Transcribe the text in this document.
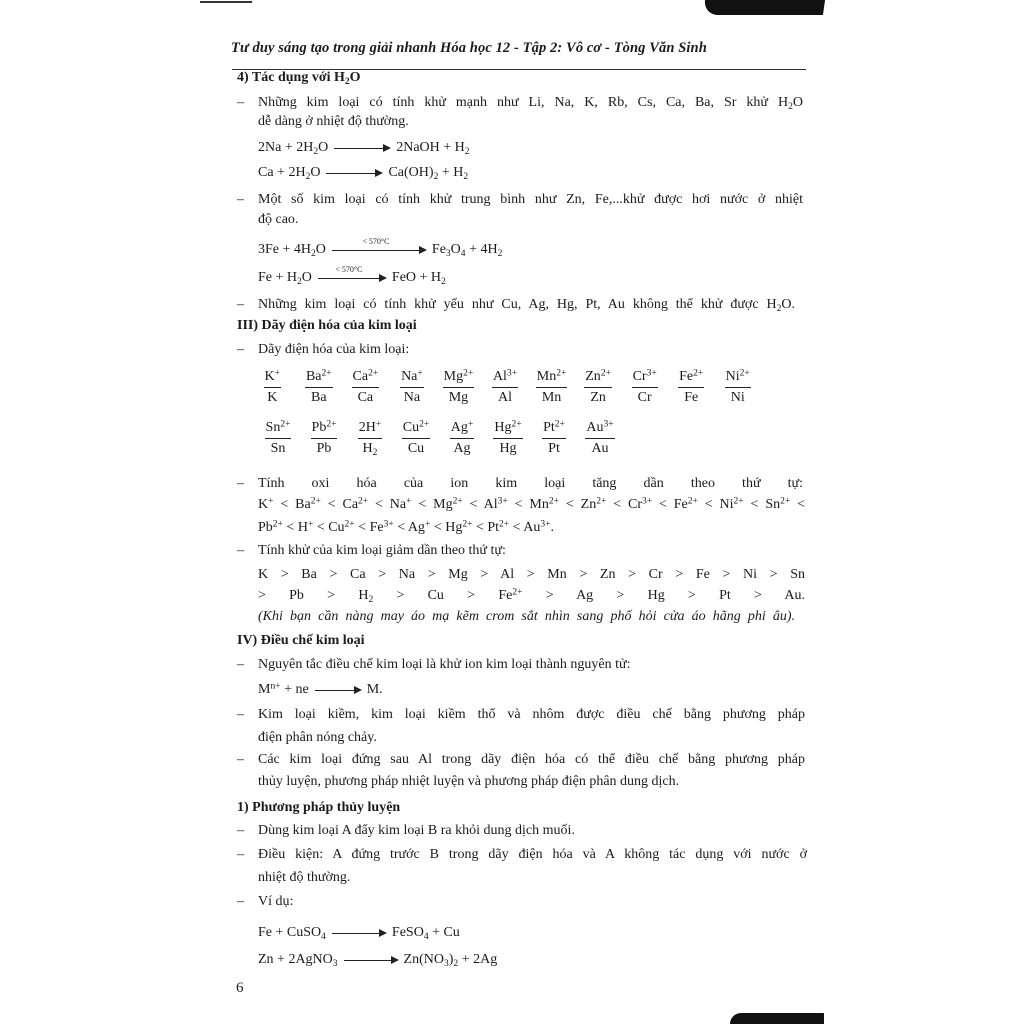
Tư duy sáng tạo trong giải nhanh Hóa học 12 - Tập 2: Vô cơ - Tòng Văn Sinh
4) Tác dụng với $H_2O$
– Những kim loại có tính khử mạnh như Li, Na, K, Rb, Cs, Ca, Ba, Sr khử $H_2O$
dễ dàng ở nhiệt độ thường.
$2Na + 2H_2O$ → 2NaOH + $H_2$
$Ca + 2H_2O \to Ca(OH)_2 + H_2$
– Một số kim loại có tính khử trung bình như Zn, Fe,...khử được hơi nước ở nhiệt
độ cao.
$3Fe + 4H_2O$
< 570°C
$Fe_3O_4 + 4H_2$
$Fe + H_2O$
< 570°C
FeO + $H_2$
– Những kim loại có tính khử yếu như Cu, Ag, Hg, Pt, Au không thể khử được $H_2O$.
III) Dãy điện hóa của kim loại
– Dãy điện hóa của kim loại:
$\frac{K^+}{K} \frac{Ba^{2+}}{Ba} \frac{Ca^{2+}}{Ca} \frac{Na^+}{Na} \frac{Mg^{2+}}{Mg} \frac{Al^{3+}}{Al} \frac{Mn^{2+}}{Mn} \frac{Zn^{2+}}{Zn} \frac{Cr^{3+}}{Cr} \frac{Fe^{2+}}{Fe} \frac{Ni^{2+}}{Ni}$
$\frac{Sn^{2+}}{Sn} \frac{Pb^{2+}}{Pb} \frac{2H^+}{H_2} \frac{Cu^{2+}}{Cu} \frac{Ag^+}{Ag} \frac{Hg^{2+}}{Hg} \frac{Pt^{2+}}{Pt} \frac{Au^{3+}}{Au}$
– Tính oxi hóa của ion kim loại tăng dần theo thứ tự:
$K^+ < Ba^{2+} < Ca^{2+} < Na^+ < Mg^{2+} < Al^{3+} < Mn^{2+} < Zn^{2+} < Cr^{3+} < Fe^{2+} < Ni^{2+} < Sn^{2+}$ <
$Pb^{2+} < H^+ < Cu^{2+} < Fe^{3+} < Ag^+ < Hg^{2+} < Pt^{2+} < Au^{3+}$.
– Tính khử của kim loại giảm dần theo thứ tự:
K > Ba > Ca > Na > Mg > Al > Mn > Zn > Cr > Fe > Ni > Sn
> $Pb > H_2 > Cu > Fe^{2+} > Ag > Hg > Pt > Au$.
(Khi bạn cần nàng may áo mạ kẽm crom sắt nhìn sang phố hỏi cửa áo hãng phi âu).
IV) Điều chế kim loại
– Nguyên tắc điều chế kim loại là khử ion kim loại thành nguyên tử:
$M^{n+}$ + ne → M.
– Kim loại kiềm, kim loại kiềm thổ và nhôm được điều chế bằng phương pháp
điện phân nóng chảy.
– Các kim loại đứng sau Al trong dãy điện hóa có thể điều chế bằng phương pháp
thủy luyện, phương pháp nhiệt luyện và phương pháp điện phân dung dịch.
1) Phương pháp thủy luyện
– Dùng kim loại A đẩy kim loại B ra khỏi dung dịch muối.
– Điều kiện: A đứng trước B trong dãy điện hóa và A không tác dụng với nước ở
nhiệt độ thường.
– Ví dụ:
Fe + CuSO$_4$ → FeSO$_4$ + Cu
Zn + 2AgNO$_3$ → $Zn(NO_3)_2 + 2Ag$
6
